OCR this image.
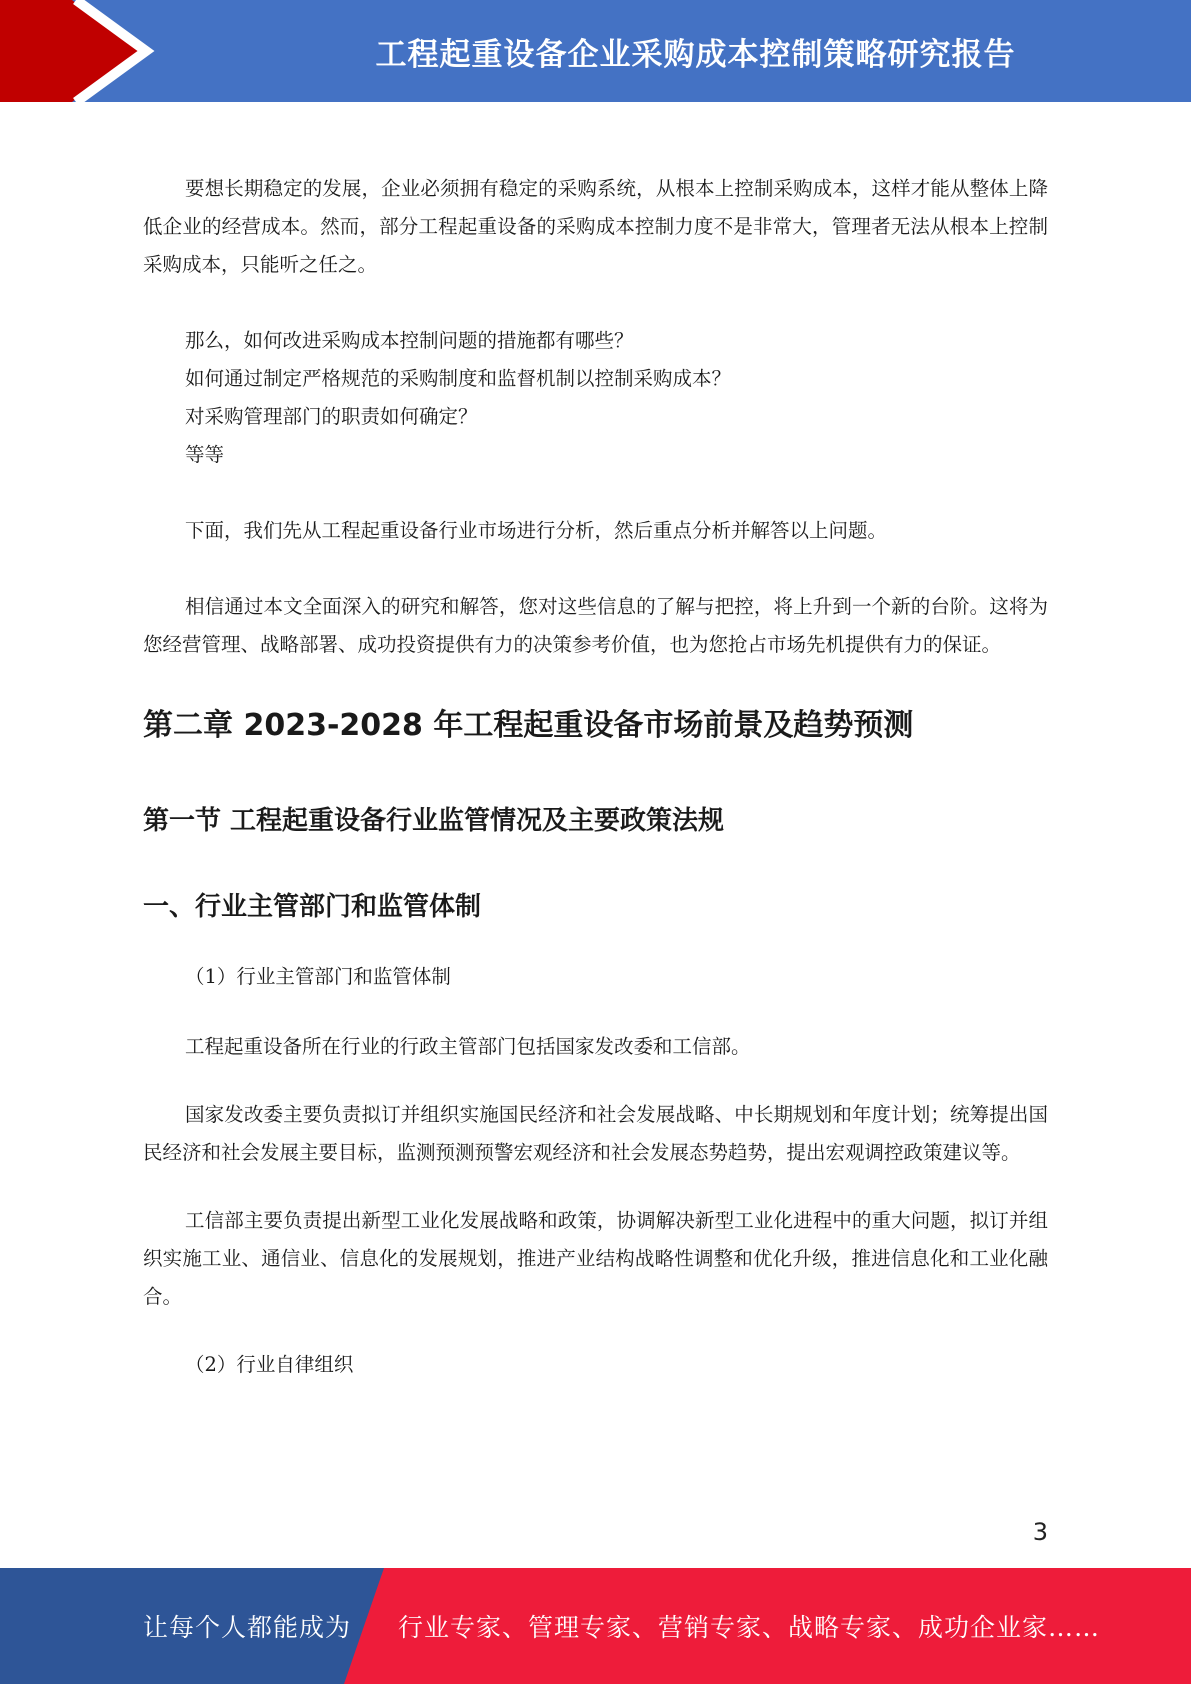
工程起重设备企业采购成本控制策略研究报告

要想长期稳定的发展，企业必须拥有稳定的采购系统，从根本上控制采购成本，这样才能从整体上降低企业的经营成本。然而，部分工程起重设备的采购成本控制力度不是非常大，管理者无法从根本上控制采购成本，只能听之任之。

那么，如何改进采购成本控制问题的措施都有哪些？

如何通过制定严格规范的采购制度和监督机制以控制采购成本？

对采购管理部门的职责如何确定？

等等

下面，我们先从工程起重设备行业市场进行分析，然后重点分析并解答以上问题。

相信通过本文全面深入的研究和解答，您对这些信息的了解与把控，将上升到一个新的台阶。这将为您经营管理、战略部署、成功投资提供有力的决策参考价值，也为您抢占市场先机提供有力的保证。

第二章 2023-2028 年工程起重设备市场前景及趋势预测
第一节 工程起重设备行业监管情况及主要政策法规
一、行业主管部门和监管体制

（1）行业主管部门和监管体制

工程起重设备所在行业的行政主管部门包括国家发改委和工信部。

国家发改委主要负责拟订并组织实施国民经济和社会发展战略、中长期规划和年度计划；统筹提出国民经济和社会发展主要目标，监测预测预警宏观经济和社会发展态势趋势，提出宏观调控政策建议等。

工信部主要负责提出新型工业化发展战略和政策，协调解决新型工业化进程中的重大问题，拟订并组织实施工业、通信业、信息化的发展规划，推进产业结构战略性调整和优化升级，推进信息化和工业化融合。

（2）行业自律组织

3
让每个人都能成为 行业专家、管理专家、营销专家、战略专家、成功企业家……
